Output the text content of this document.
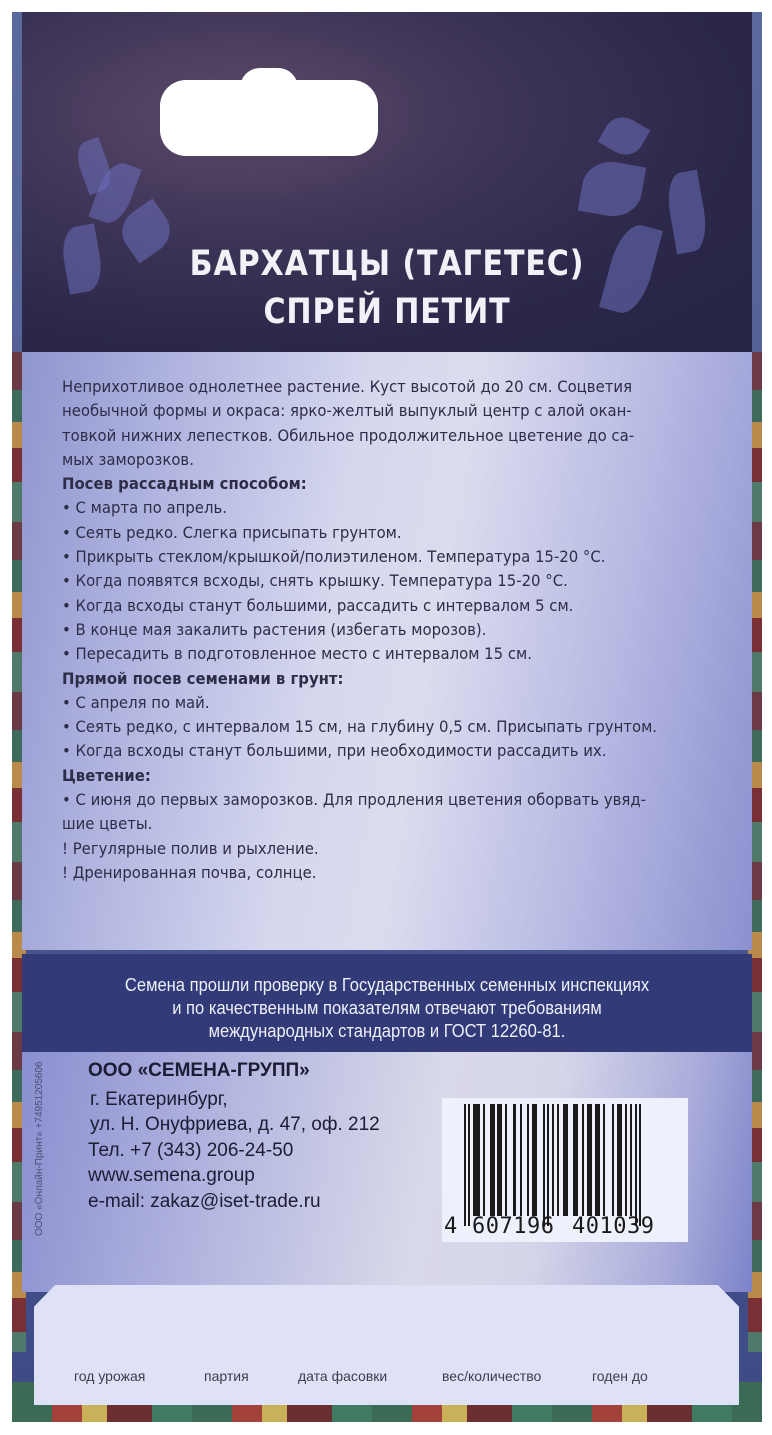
БАРХАТЦЫ (ТАГЕТЕС)
СПРЕЙ ПЕТИТ

Семена прошли проверку в Государственных семенных инспекциях

и по качественным показателям отвечают требованиям

международных стандартов и ГОСТ 12260-81.

Неприхотливое однолетнее растение. Куст высотой до 20 см. Соцветия

необычной формы и окраса: ярко-желтый выпуклый центр с алой окан-

товкой нижних лепестков. Обильное продолжительное цветение до са-

мых заморозков.

Посев рассадным способом:

• С марта по апрель.

• Сеять редко. Слегка присыпать грунтом.

• Прикрыть стеклом/крышкой/полиэтиленом. Температура 15-20 °С.

• Когда появятся всходы, снять крышку. Температура 15-20 °С.

• Когда всходы станут большими, рассадить с интервалом 5 см.

• В конце мая закалить растения (избегать морозов).

• Пересадить в подготовленное место с интервалом 15 см.

Прямой посев семенами в грунт:

• С апреля по май.

• Сеять редко, с интервалом 15 см, на глубину 0,5 см. Присыпать грунтом.

• Когда всходы станут большими, при необходимости рассадить их.

Цветение:

• С июня до первых заморозков. Для продления цветения оборвать увяд-

шие цветы.

! Регулярные полив и рыхление.

! Дренированная почва, солнце.

ООО «Онлайн-Принт» +74951205606 ООО «СЕМЕНА-ГРУПП»
г. Екатеринбург,
ул. Н. Онуфриева, д. 47, оф. 212
Тел. +7 (343) 206-24-50
www.semena.group
e-mail: zakaz@iset-trade.ru
4 607196 401039
год урожая	партия	дата фасовки	вес/количество	годен до
